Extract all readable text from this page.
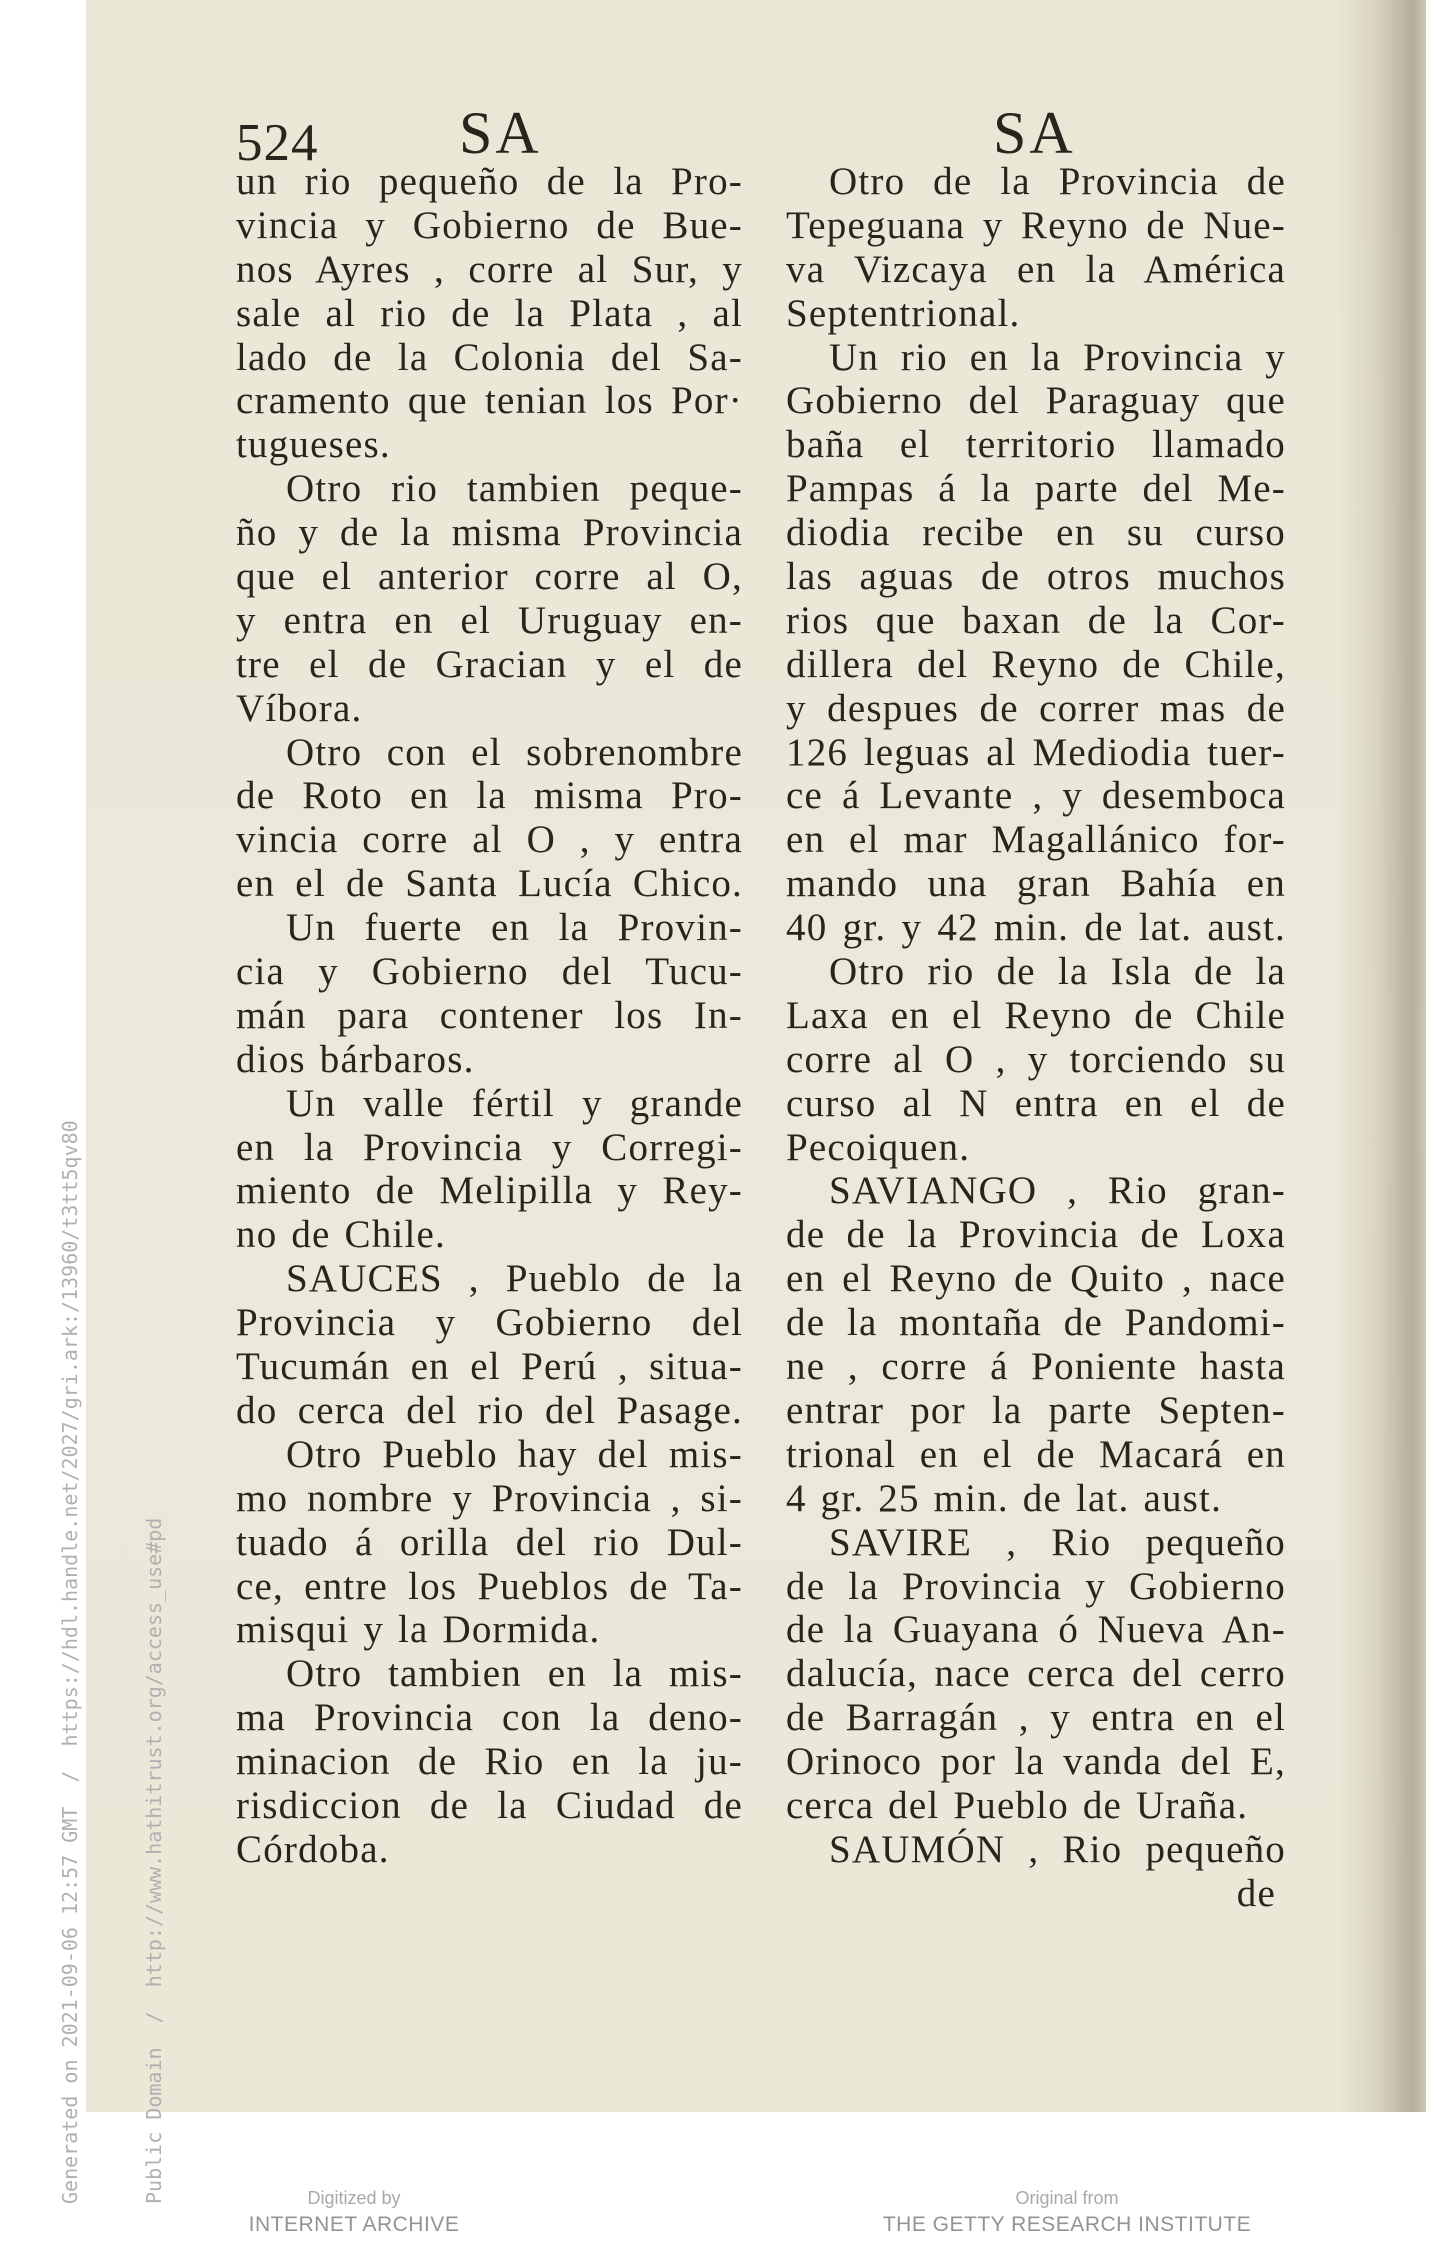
Generated on 2021-09-06 12:57 GMT  /  https://hdl.handle.net/2027/gri.ark:/13960/t3tt5qv80

	Public Domain  /  http://www.hathitrust.org/access_use#pd

524 SA	SA
un rio pequeño de la Pro-
vincia y Gobierno de Bue-
nos Ayres , corre al Sur, y
sale al rio de la Plata , al
lado de la Colonia del Sa-
cramento que tenian los Por·
tugueses.
Otro rio tambien peque-
ño y de la misma Provincia
que el anterior corre al O,
y entra en el Uruguay en-
tre el de Gracian y el de
Víbora.
Otro con el sobrenombre
de Roto en la misma Pro-
vincia corre al O , y entra
en el de Santa Lucía Chico.
Un fuerte en la Provin-
cia y Gobierno del Tucu-
mán para contener los In-
dios bárbaros.
Un valle fértil y grande
en la Provincia y Corregi-
miento de Melipilla y Rey-
no de Chile.
SAUCES , Pueblo de la
Provincia y Gobierno del
Tucumán en el Perú , situa-
do cerca del rio del Pasage.
Otro Pueblo hay del mis-
mo nombre y Provincia , si-
tuado á orilla del rio Dul-
ce, entre los Pueblos de Ta-
misqui y la Dormida.
Otro tambien en la mis-
ma Provincia con la deno-
minacion de Rio en la ju-
risdiccion de la Ciudad de
Córdoba.
Otro de la Provincia de
Tepeguana y Reyno de Nue-
va Vizcaya en la América
Septentrional.
Un rio en la Provincia y
Gobierno del Paraguay que
baña el territorio llamado
Pampas á la parte del Me-
diodia recibe en su curso
las aguas de otros muchos
rios que baxan de la Cor-
dillera del Reyno de Chile,
y despues de correr mas de
126 leguas al Mediodia tuer-
ce á Levante , y desemboca
en el mar Magallánico for-
mando una gran Bahía en
40 gr. y 42 min. de lat. aust.
Otro rio de la Isla de la
Laxa en el Reyno de Chile
corre al O , y torciendo su
curso al N entra en el de
Pecoiquen.
SAVIANGO , Rio gran-
de de la Provincia de Loxa
en el Reyno de Quito , nace
de la montaña de Pandomi-
ne , corre á Poniente hasta
entrar por la parte Septen-
trional en el de Macará en
4 gr. 25 min. de lat. aust.
SAVIRE , Rio pequeño
de la Provincia y Gobierno
de la Guayana ó Nueva An-
dalucía, nace cerca del cerro
de Barragán , y entra en el
Orinoco por la vanda del E,
cerca del Pueblo de Uraña.
SAUMÓN , Rio pequeño
de
Digitized by
INTERNET ARCHIVE
Original from
THE GETTY RESEARCH INSTITUTE
